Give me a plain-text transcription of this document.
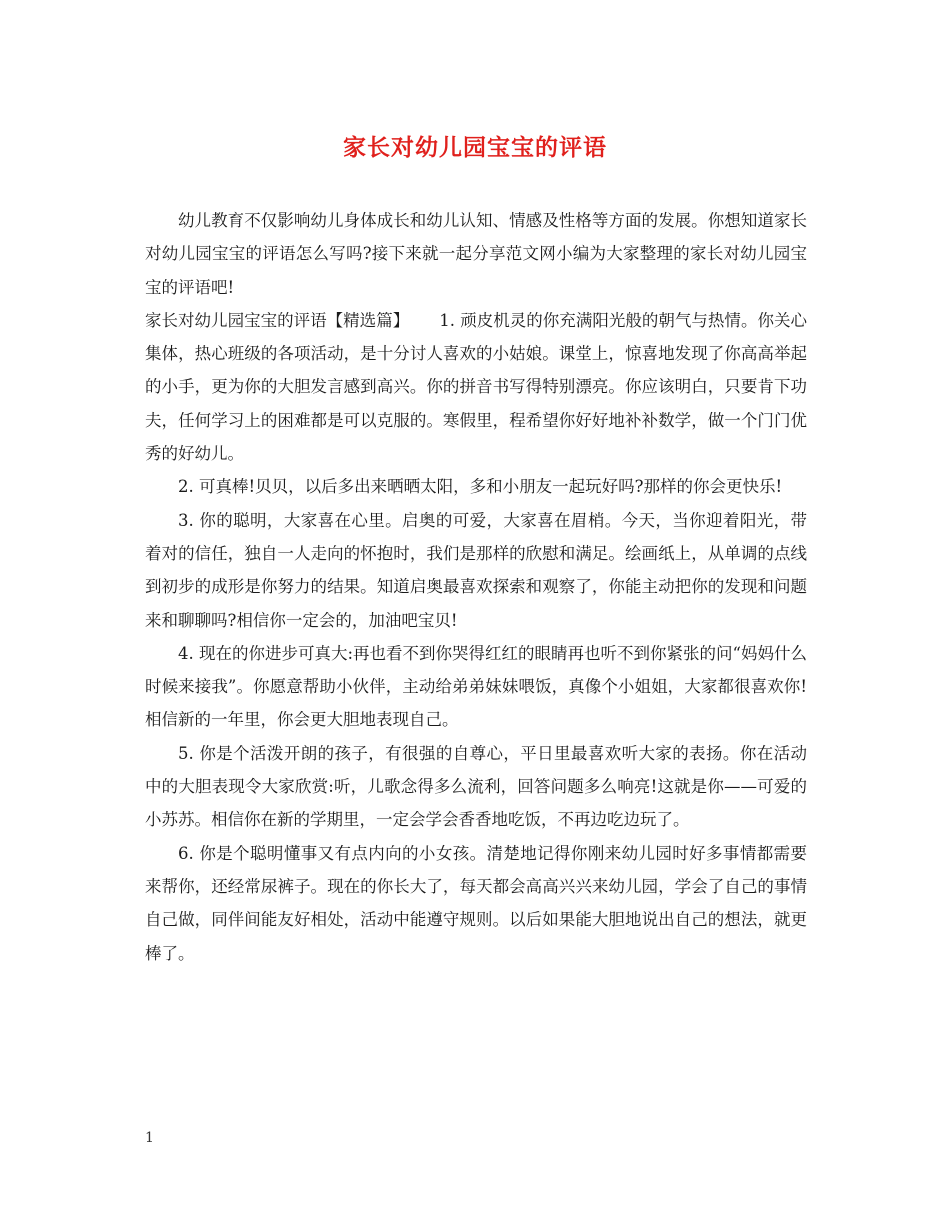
家长对幼儿园宝宝的评语

幼儿教育不仅影响幼儿身体成长和幼儿认知、情感及性格等方面的发展。你想知道家长对幼儿园宝宝的评语怎么写吗?接下来就一起分享范文网小编为大家整理的家长对幼儿园宝宝的评语吧!

家长对幼儿园宝宝的评语【精选篇】 1. 顽皮机灵的你充满阳光般的朝气与热情。你关心集体，热心班级的各项活动，是十分讨人喜欢的小姑娘。课堂上，惊喜地发现了你高高举起的小手，更为你的大胆发言感到高兴。你的拼音书写得特别漂亮。你应该明白，只要肯下功夫，任何学习上的困难都是可以克服的。寒假里，程希望你好好地补补数学，做一个门门优秀的好幼儿。

2. 可真棒!贝贝，以后多出来晒晒太阳，多和小朋友一起玩好吗?那样的你会更快乐!

3. 你的聪明，大家喜在心里。启奥的可爱，大家喜在眉梢。今天，当你迎着阳光，带着对的信任，独自一人走向的怀抱时，我们是那样的欣慰和满足。绘画纸上，从单调的点线到初步的成形是你努力的结果。知道启奥最喜欢探索和观察了，你能主动把你的发现和问题来和聊聊吗?相信你一定会的，加油吧宝贝!

4. 现在的你进步可真大:再也看不到你哭得红红的眼睛再也听不到你紧张的问“妈妈什么时候来接我”。你愿意帮助小伙伴，主动给弟弟妹妹喂饭，真像个小姐姐，大家都很喜欢你!相信新的一年里，你会更大胆地表现自己。

5. 你是个活泼开朗的孩子，有很强的自尊心，平日里最喜欢听大家的表扬。你在活动中的大胆表现令大家欣赏:听，儿歌念得多么流利，回答问题多么响亮!这就是你——可爱的小苏苏。相信你在新的学期里，一定会学会香香地吃饭，不再边吃边玩了。

6. 你是个聪明懂事又有点内向的小女孩。清楚地记得你刚来幼儿园时好多事情都需要来帮你，还经常尿裤子。现在的你长大了，每天都会高高兴兴来幼儿园，学会了自己的事情自己做，同伴间能友好相处，活动中能遵守规则。以后如果能大胆地说出自己的想法，就更棒了。

1
